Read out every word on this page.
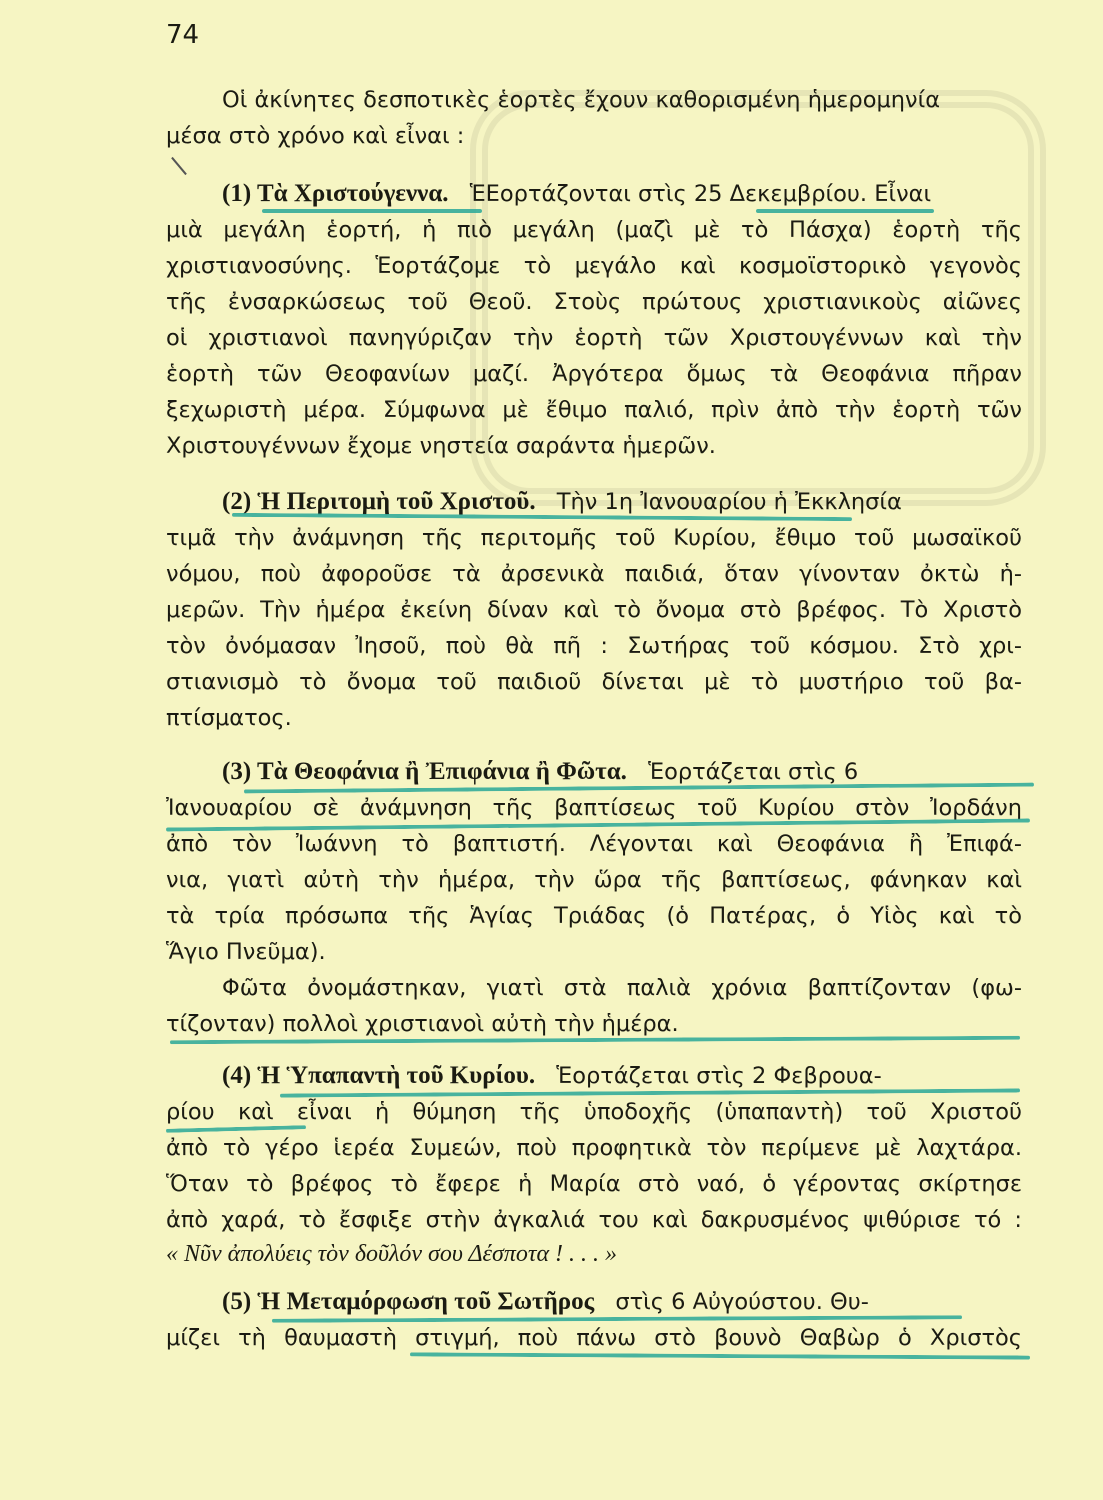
74
Οἱ ἀκίνητες δεσποτικὲς ἑορτὲς ἔχουν καθορισμένη ἡμερομηνία
μέσα στὸ χρόνο καὶ εἶναι :
(1) Τὰ Χριστούγεννα. ἙΕορτάζονται στὶς 25 Δεκεμβρίου. Εἶναι
μιὰ μεγάλη ἑορτή, ἡ πιὸ μεγάλη (μαζὶ μὲ τὸ Πάσχα) ἑορτὴ τῆς
χριστιανοσύνης. Ἑορτάζομε τὸ μεγάλο καὶ κοσμοϊστορικὸ γεγονὸς
τῆς ἐνσαρκώσεως τοῦ Θεοῦ. Στοὺς πρώτους χριστιανικοὺς αἰῶνες
οἱ χριστιανοὶ πανηγύριζαν τὴν ἑορτὴ τῶν Χριστουγέννων καὶ τὴν
ἑορτὴ τῶν Θεοφανίων μαζί. Ἀργότερα ὅμως τὰ Θεοφάνια πῆραν
ξεχωριστὴ μέρα. Σύμφωνα μὲ ἔθιμο παλιό, πρὶν ἀπὸ τὴν ἑορτὴ τῶν
Χριστουγέννων ἔχομε νηστεία σαράντα ἡμερῶν.
(2) Ἡ Περιτομὴ τοῦ Χριστοῦ. Τὴν 1η Ἰανουαρίου ἡ Ἐκκλησία
τιμᾶ τὴν ἀνάμνηση τῆς περιτομῆς τοῦ Κυρίου, ἔθιμο τοῦ μωσαϊκοῦ
νόμου, ποὺ ἀφοροῦσε τὰ ἀρσενικὰ παιδιά, ὅταν γίνονταν ὀκτὼ ἡ-
μερῶν. Τὴν ἡμέρα ἐκείνη δίναν καὶ τὸ ὄνομα στὸ βρέφος. Τὸ Χριστὸ
τὸν ὀνόμασαν Ἰησοῦ, ποὺ θὰ πῆ : Σωτήρας τοῦ κόσμου. Στὸ χρι-
στιανισμὸ τὸ ὄνομα τοῦ παιδιοῦ δίνεται μὲ τὸ μυστήριο τοῦ βα-
πτίσματος.
(3) Τὰ Θεοφάνια ἢ Ἐπιφάνια ἢ Φῶτα. Ἑορτάζεται στὶς 6
Ἰανουαρίου σὲ ἀνάμνηση τῆς βαπτίσεως τοῦ Κυρίου στὸν Ἰορδάνη
ἀπὸ τὸν Ἰωάννη τὸ βαπτιστή. Λέγονται καὶ Θεοφάνια ἢ Ἐπιφά-
νια, γιατὶ αὐτὴ τὴν ἡμέρα, τὴν ὥρα τῆς βαπτίσεως, φάνηκαν καὶ
τὰ τρία πρόσωπα τῆς Ἁγίας Τριάδας (ὁ Πατέρας, ὁ Υἱὸς καὶ τὸ
Ἅγιο Πνεῦμα).
Φῶτα ὀνομάστηκαν, γιατὶ στὰ παλιὰ χρόνια βαπτίζονταν (φω-
τίζονταν) πολλοὶ χριστιανοὶ αὐτὴ τὴν ἡμέρα.
(4) Ἡ Ὑπαπαντὴ τοῦ Κυρίου. Ἑορτάζεται στὶς 2 Φεβρουα-
ρίου καὶ εἶναι ἡ θύμηση τῆς ὑποδοχῆς (ὑπαπαντὴ) τοῦ Χριστοῦ
ἀπὸ τὸ γέρο ἱερέα Συμεών, ποὺ προφητικὰ τὸν περίμενε μὲ λαχτάρα.
Ὅταν τὸ βρέφος τὸ ἔφερε ἡ Μαρία στὸ ναό, ὁ γέροντας σκίρτησε
ἀπὸ χαρά, τὸ ἔσφιξε στὴν ἀγκαλιά του καὶ δακρυσμένος ψιθύρισε τό :
« Νῦν ἀπολύεις τὸν δοῦλόν σου Δέσποτα ! . . . »
(5) Ἡ Μεταμόρφωση τοῦ Σωτῆρος στὶς 6 Αὐγούστου. Θυ-
μίζει τὴ θαυμαστὴ στιγμή, ποὺ πάνω στὸ βουνὸ Θαβὼρ ὁ Χριστὸς
